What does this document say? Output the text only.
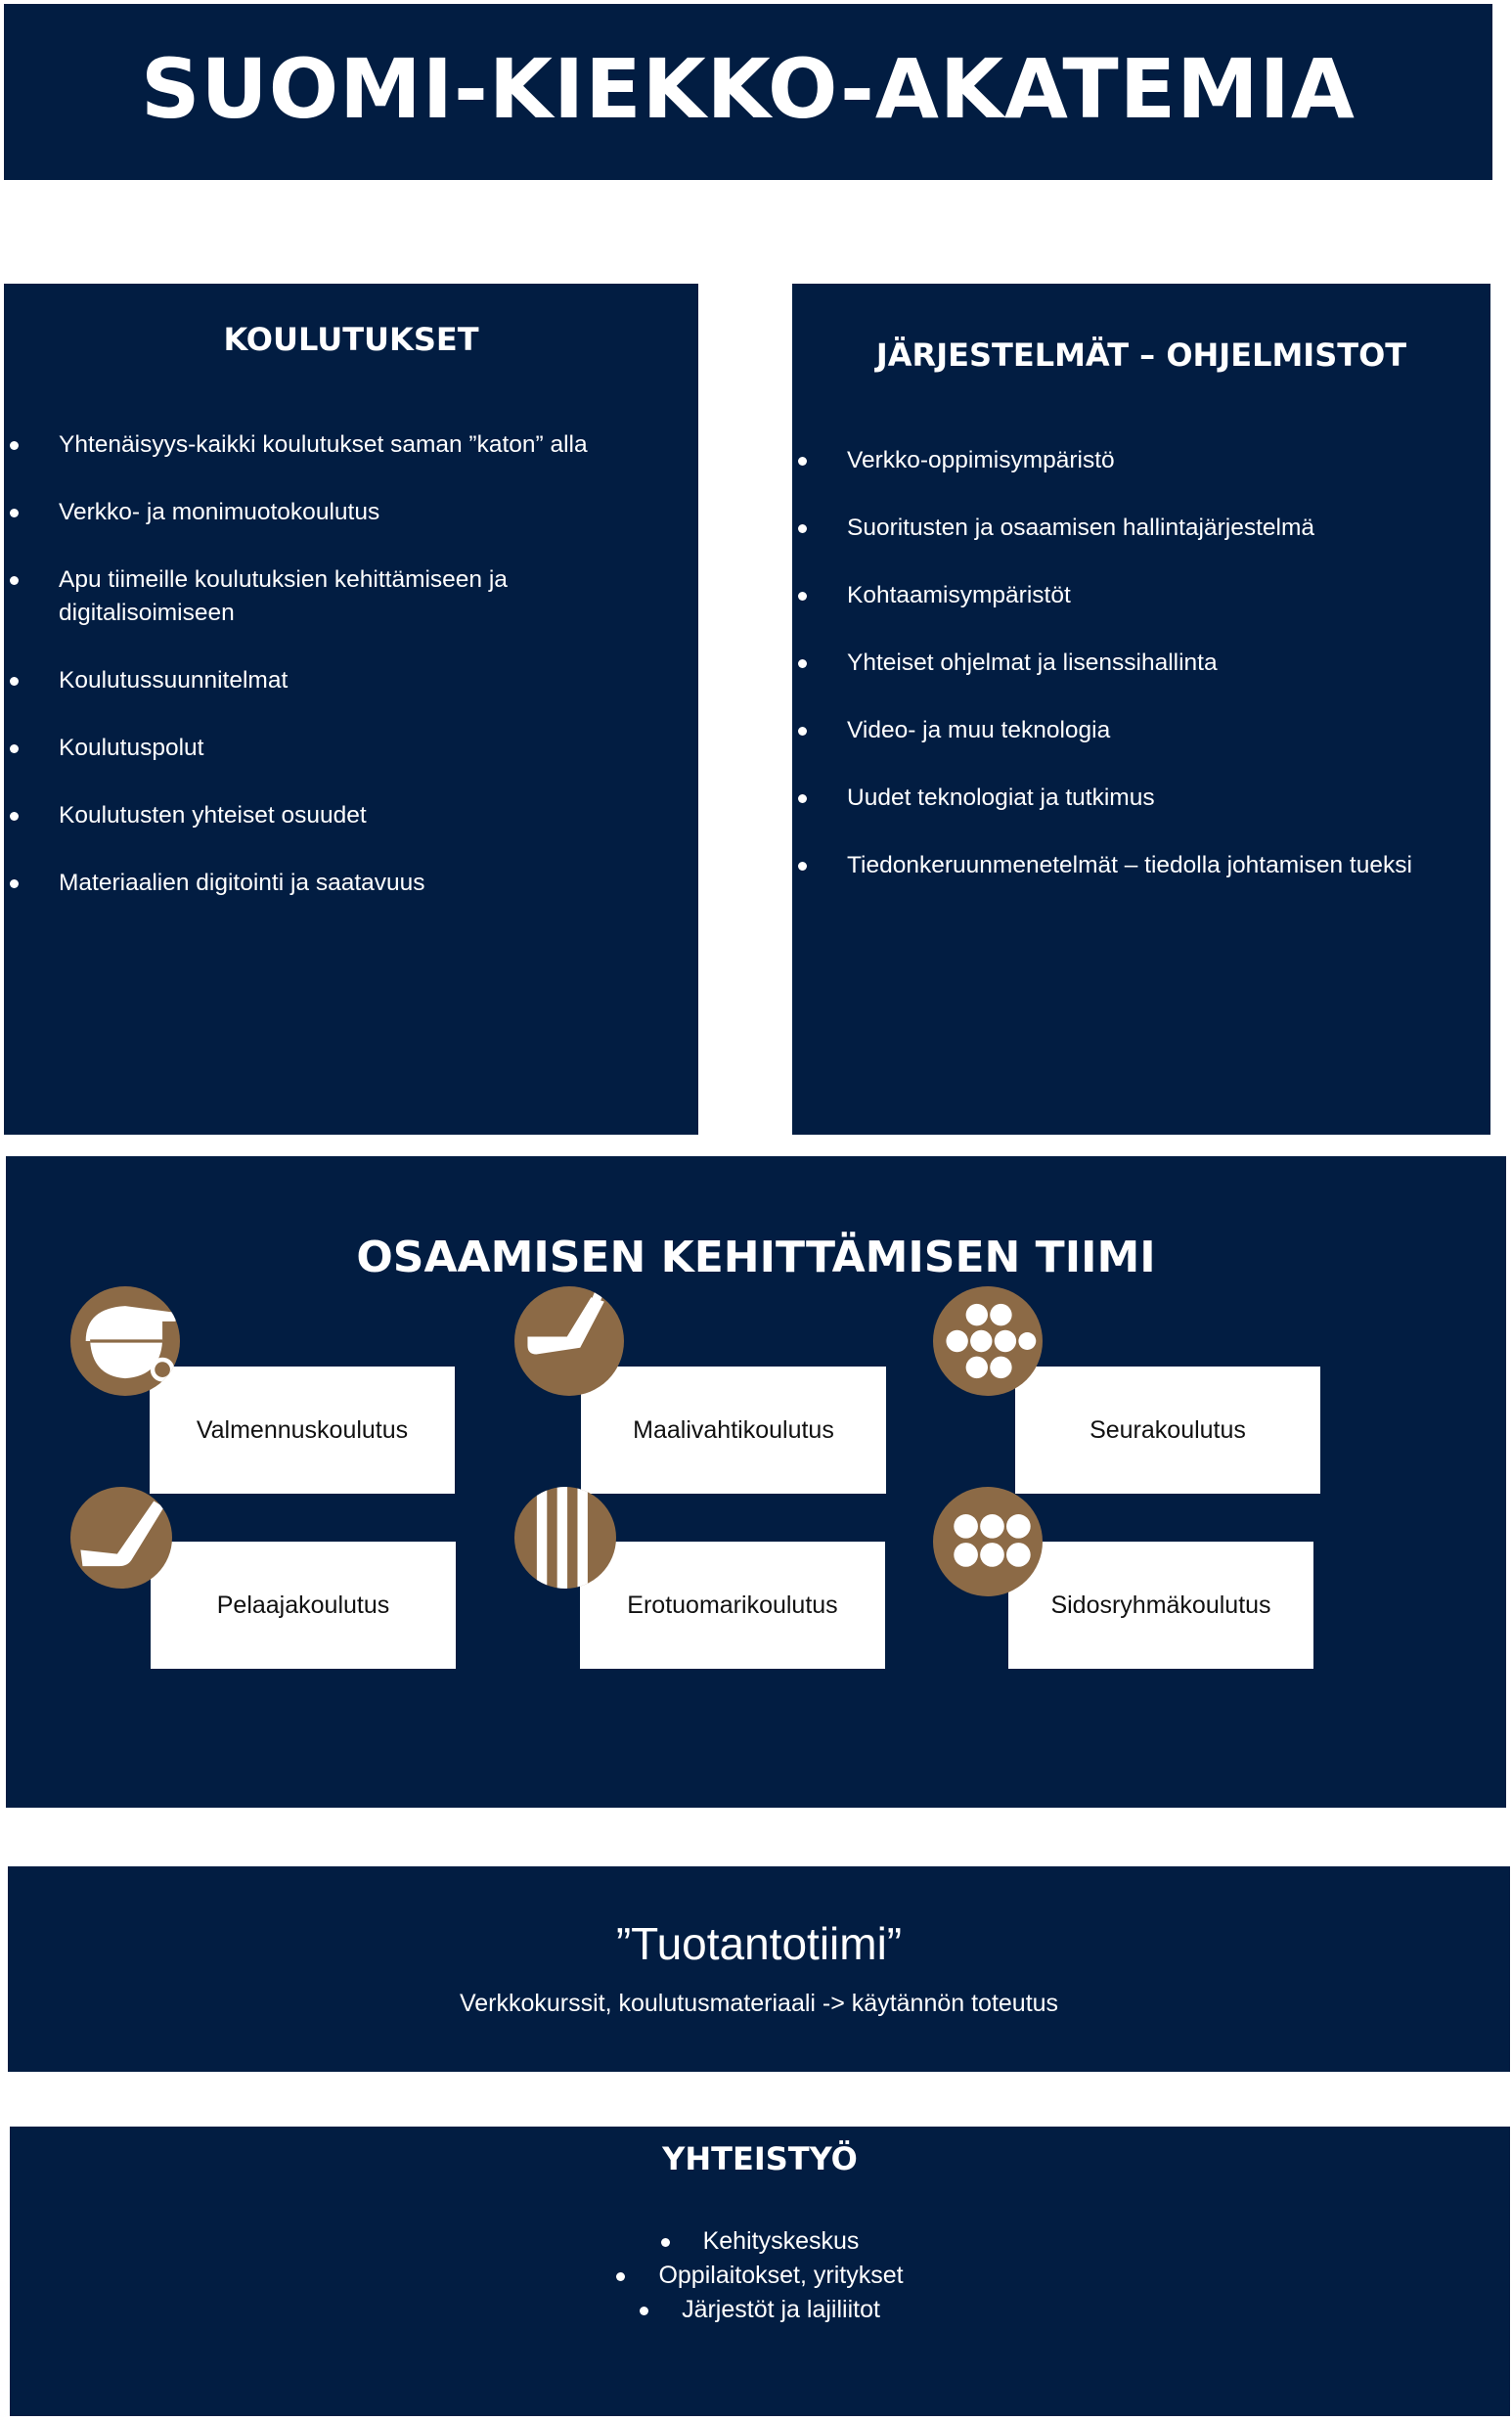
SUOMI-KIEKKO-AKATEMIA
KOULUTUKSET
Yhtenäisyys-kaikki koulutukset saman ”katon” alla
Verkko- ja monimuotokoulutus
Apu tiimeille koulutuksien kehittämiseen ja digitalisoimiseen
Koulutussuunnitelmat
Koulutuspolut
Koulutusten yhteiset osuudet
Materiaalien digitointi ja saatavuus
JÄRJESTELMÄT – OHJELMISTOT
Verkko-oppimisympäristö
Suoritusten ja osaamisen hallintajärjestelmä
Kohtaamisympäristöt
Yhteiset ohjelmat ja lisenssihallinta
Video- ja muu teknologia
Uudet teknologiat ja tutkimus
Tiedonkeruunmenetelmät – tiedolla johtamisen tueksi
OSAAMISEN KEHITTÄMISEN TIIMI
Valmennuskoulutus	Maalivahtikoulutus	Seurakoulutus
Pelaajakoulutus	Erotuomarikoulutus	Sidosryhmäkoulutus
”Tuotantotiimi”
Verkkokurssit, koulutusmateriaali -> käytännön toteutus
YHTEISTYÖ
Kehityskeskus
Oppilaitokset, yritykset
Järjestöt ja lajiliitot
